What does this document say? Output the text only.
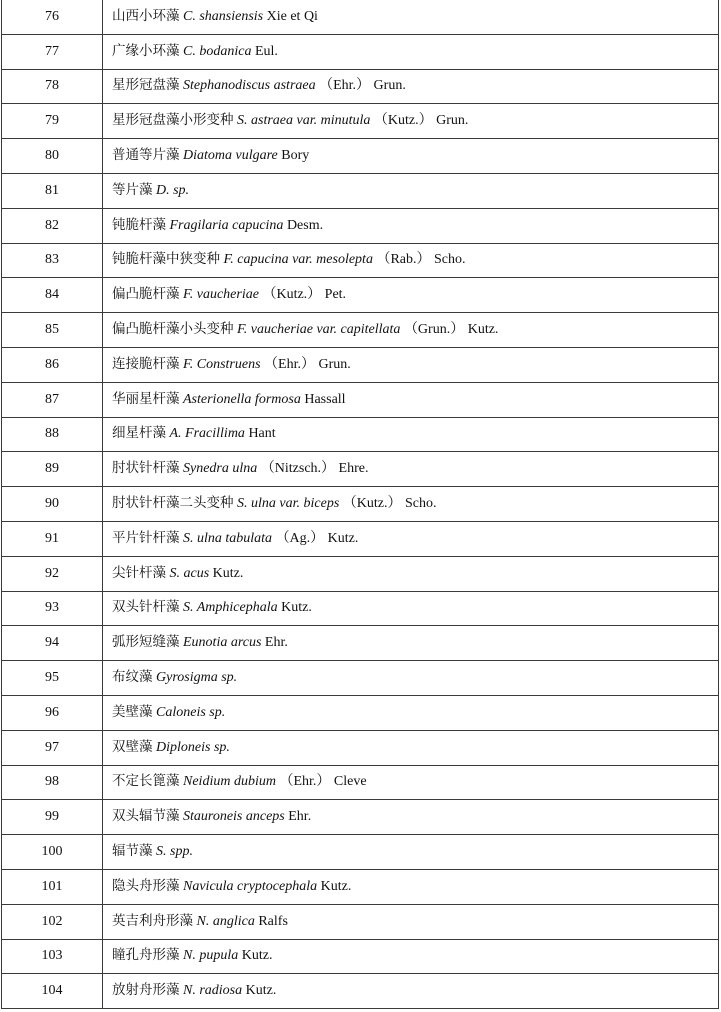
76	山西小环藻 C. shansiensis Xie et Qi
77	广缘小环藻 C. bodanica Eul.
78	星形冠盘藻 Stephanodiscus astraea （Ehr.） Grun.
79	星形冠盘藻小形变种 S. astraea var. minutula （Kutz.） Grun.
80	普通等片藻 Diatoma vulgare Bory
81	等片藻 D. sp.
82	钝脆杆藻 Fragilaria capucina Desm.
83	钝脆杆藻中狭变种 F. capucina var. mesolepta （Rab.） Scho.
84	偏凸脆杆藻 F. vaucheriae （Kutz.） Pet.
85	偏凸脆杆藻小头变种 F. vaucheriae var. capitellata （Grun.） Kutz.
86	连接脆杆藻 F. Construens （Ehr.） Grun.
87	华丽星杆藻 Asterionella formosa Hassall
88	细星杆藻 A. Fracillima Hant
89	肘状针杆藻 Synedra ulna （Nitzsch.） Ehre.
90	肘状针杆藻二头变种 S. ulna var. biceps （Kutz.） Scho.
91	平片针杆藻 S. ulna tabulata （Ag.） Kutz.
92	尖针杆藻 S. acus Kutz.
93	双头针杆藻 S. Amphicephala Kutz.
94	弧形短缝藻 Eunotia arcus Ehr.
95	布纹藻 Gyrosigma sp.
96	美壁藻 Caloneis sp.
97	双壁藻 Diploneis sp.
98	不定长篦藻 Neidium dubium （Ehr.） Cleve
99	双头辐节藻 Stauroneis anceps Ehr.
100	辐节藻 S. spp.
101	隐头舟形藻 Navicula cryptocephala Kutz.
102	英吉利舟形藻 N. anglica Ralfs
103	瞳孔舟形藻 N. pupula Kutz.
104	放射舟形藻 N. radiosa Kutz.
